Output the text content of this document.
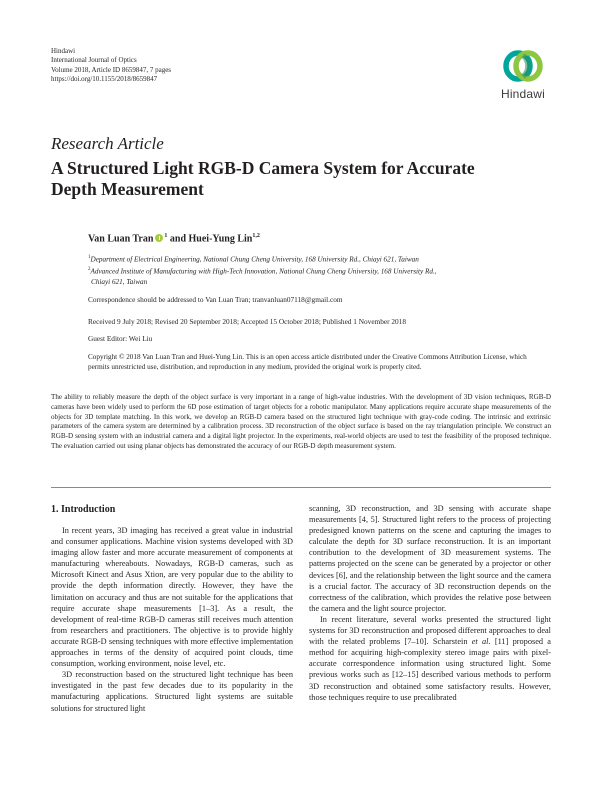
Hindawi
International Journal of Optics
Volume 2018, Article ID 8659847, 7 pages
https://doi.org/10.1155/2018/8659847
Hindawi
Research Article
A Structured Light RGB-D Camera System for Accurate Depth Measurement
Van Luan Tran $^1$ and Huei-Yung Lin$^{1,2}$
$^1$Department of Electrical Engineering, National Chung Cheng University, 168 University Rd., Chiayi 621, Taiwan
$^2$Advanced Institute of Manufacturing with High-Tech Innovation, National Chung Cheng University, 168 University Rd.,
Chiayi 621, Taiwan
Correspondence should be addressed to Van Luan Tran; tranvanluan07118@gmail.com
Received 9 July 2018; Revised 20 September 2018; Accepted 15 October 2018; Published 1 November 2018
Guest Editor: Wei Liu
Copyright © 2018 Van Luan Tran and Huei-Yung Lin. This is an open access article distributed under the Creative Commons Attribution License, which permits unrestricted use, distribution, and reproduction in any medium, provided the original work is properly cited.
The ability to reliably measure the depth of the object surface is very important in a range of high-value industries. With the development of 3D vision techniques, RGB-D cameras have been widely used to perform the 6D pose estimation of target objects for a robotic manipulator. Many applications require accurate shape measurements of the objects for 3D template matching. In this work, we develop an RGB-D camera based on the structured light technique with gray-code coding. The intrinsic and extrinsic parameters of the camera system are determined by a calibration process. 3D reconstruction of the object surface is based on the ray triangulation principle. We construct an RGB-D sensing system with an industrial camera and a digital light projector. In the experiments, real-world objects are used to test the feasibility of the proposed technique. The evaluation carried out using planar objects has demonstrated the accuracy of our RGB-D depth measurement system.
1. Introduction

In recent years, 3D imaging has received a great value in industrial and consumer applications. Machine vision systems developed with 3D imaging allow faster and more accurate measurement of components at manufacturing whereabouts. Nowadays, RGB-D cameras, such as Microsoft Kinect and Asus Xtion, are very popular due to the ability to provide the depth information directly. However, they have the limitation on accuracy and thus are not suitable for the applications that require accurate shape measurements [1–3]. As a result, the development of real-time RGB-D cameras still receives much attention from researchers and practitioners. The objective is to provide highly accurate RGB-D sensing techniques with more effective implementation approaches in terms of the density of acquired point clouds, time consumption, working environment, noise level, etc.

3D reconstruction based on the structured light technique has been investigated in the past few decades due to its popularity in the manufacturing applications. Structured light systems are suitable solutions for structured light

scanning, 3D reconstruction, and 3D sensing with accurate shape measurements [4, 5]. Structured light refers to the process of projecting predesigned known patterns on the scene and capturing the images to calculate the depth for 3D surface reconstruction. It is an important contribution to the development of 3D measurement systems. The patterns projected on the scene can be generated by a projector or other devices [6], and the relationship between the light source and the camera is a crucial factor. The accuracy of 3D reconstruction depends on the correctness of the calibration, which provides the relative pose between the camera and the light source projector.

In recent literature, several works presented the structured light systems for 3D reconstruction and proposed different approaches to deal with the related problems [7–10]. Scharstein et al. [11] proposed a method for acquiring high-complexity stereo image pairs with pixel-accurate correspondence information using structured light. Some previous works such as [12–15] described various methods to perform 3D reconstruction and obtained some satisfactory results. However, those techniques require to use precalibrated
